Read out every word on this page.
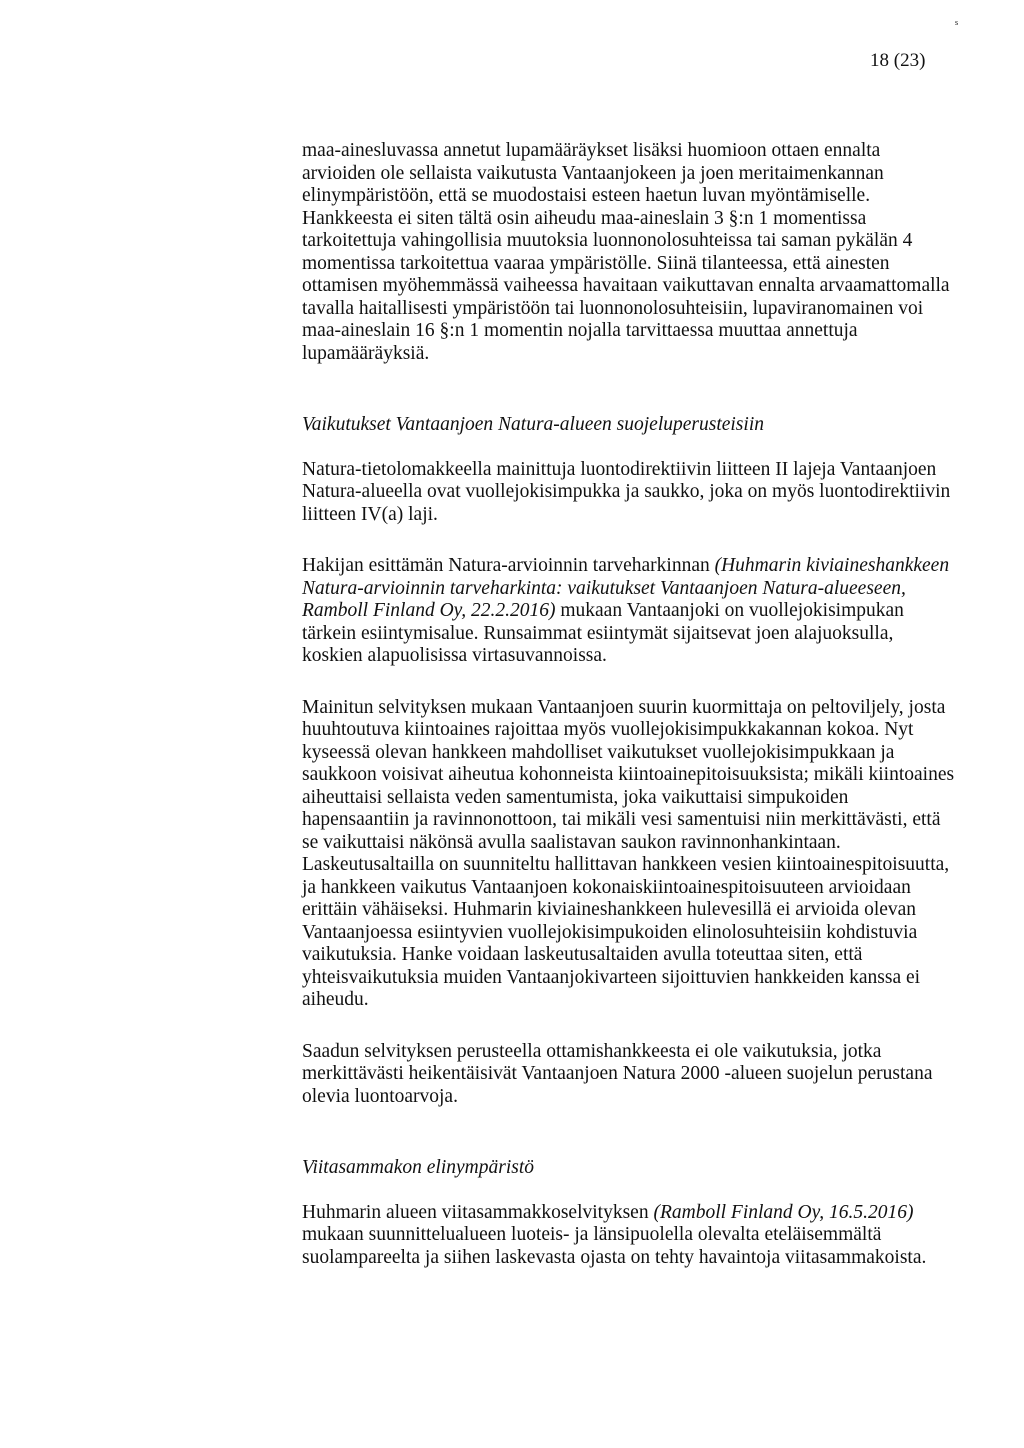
s
18 (23)

maa-ainesluvassa annetut lupamääräykset lisäksi huomioon ottaen ennalta arvioiden ole sellaista vaikutusta Vantaanjokeen ja joen meritaimenkannan elinympäristöön, että se muodostaisi esteen haetun luvan myöntämiselle. Hankkeesta ei siten tältä osin aiheudu maa-aineslain 3 §:n 1 momentissa tarkoitettuja vahingollisia muutoksia luonnonolosuhteissa tai saman pykälän 4 momentissa tarkoitettua vaaraa ympäristölle. Siinä tilanteessa, että ainesten ottamisen myöhemmässä vaiheessa havaitaan vaikuttavan ennalta arvaamattomalla tavalla haitallisesti ympäristöön tai luonnonolosuhteisiin, lupaviranomainen voi maa-aineslain 16 §:n 1 momentin nojalla tarvittaessa muuttaa annettuja lupamääräyksiä.

Vaikutukset Vantaanjoen Natura-alueen suojeluperusteisiin

Natura-tietolomakkeella mainittuja luontodirektiivin liitteen II lajeja Vantaanjoen Natura-alueella ovat vuollejokisimpukka ja saukko, joka on myös luontodirektiivin liitteen IV(a) laji.

Hakijan esittämän Natura-arvioinnin tarveharkinnan (Huhmarin kiviaineshankkeen Natura-arvioinnin tarveharkinta: vaikutukset Vantaanjoen Natura-alueeseen, Ramboll Finland Oy, 22.2.2016) mukaan Vantaanjoki on vuollejokisimpukan tärkein esiintymisalue. Runsaimmat esiintymät sijaitsevat joen alajuoksulla, koskien alapuolisissa virtasuvannoissa.

Mainitun selvityksen mukaan Vantaanjoen suurin kuormittaja on peltoviljely, josta huuhtoutuva kiintoaines rajoittaa myös vuollejokisimpukkakannan kokoa. Nyt kyseessä olevan hankkeen mahdolliset vaikutukset vuollejokisimpukkaan ja saukkoon voisivat aiheutua kohonneista kiintoainepitoisuuksista; mikäli kiintoaines aiheuttaisi sellaista veden samentumista, joka vaikuttaisi simpukoiden hapensaantiin ja ravinnonottoon, tai mikäli vesi samentuisi niin merkittävästi, että se vaikuttaisi näkönsä avulla saalistavan saukon ravinnonhankintaan. Laskeutusaltailla on suunniteltu hallittavan hankkeen vesien kiintoainespitoisuutta, ja hankkeen vaikutus Vantaanjoen kokonaiskiintoainespitoisuuteen arvioidaan erittäin vähäiseksi. Huhmarin kiviaineshankkeen hulevesillä ei arvioida olevan Vantaanjoessa esiintyvien vuollejokisimpukoiden elinolosuhteisiin kohdistuvia vaikutuksia. Hanke voidaan laskeutusaltaiden avulla toteuttaa siten, että yhteisvaikutuksia muiden Vantaanjokivarteen sijoittuvien hankkeiden kanssa ei aiheudu.

Saadun selvityksen perusteella ottamishankkeesta ei ole vaikutuksia, jotka merkittävästi heikentäisivät Vantaanjoen Natura 2000 -alueen suojelun perustana olevia luontoarvoja.

Viitasammakon elinympäristö

Huhmarin alueen viitasammakkoselvityksen (Ramboll Finland Oy, 16.5.2016) mukaan suunnittelualueen luoteis- ja länsipuolella olevalta eteläisemmältä suolampareelta ja siihen laskevasta ojasta on tehty havaintoja viitasammakoista.
